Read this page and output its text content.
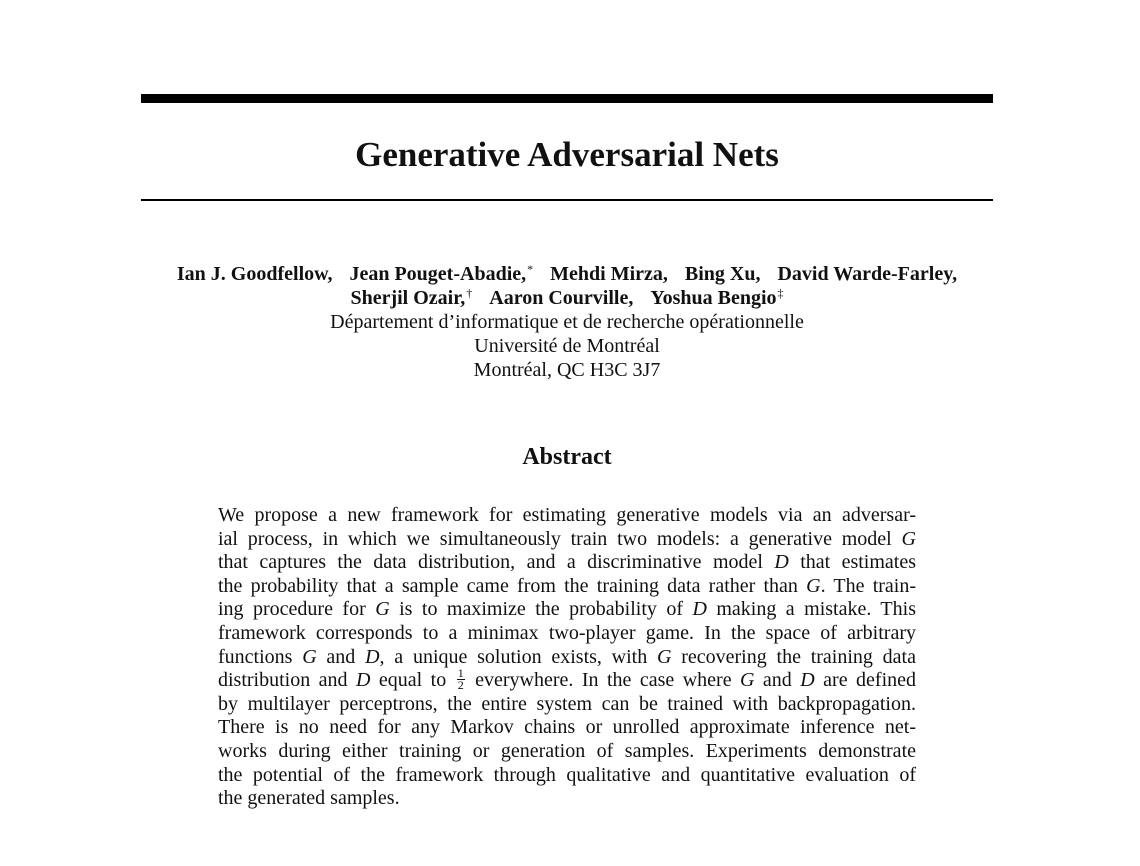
Generative Adversarial Nets
Ian J. Goodfellow, Jean Pouget-Abadie,* Mehdi Mirza, Bing Xu, David Warde-Farley,
Sherjil Ozair,† Aaron Courville, Yoshua Bengio‡
Département d’informatique et de recherche opérationnelle
Université de Montréal
Montréal, QC H3C 3J7
Abstract
We propose a new framework for estimating generative models via an adversar-
ial process, in which we simultaneously train two models: a generative model G
that captures the data distribution, and a discriminative model D that estimates
the probability that a sample came from the training data rather than G. The train-
ing procedure for G is to maximize the probability of D making a mistake. This
framework corresponds to a minimax two-player game. In the space of arbitrary
functions G and D, a unique solution exists, with G recovering the training data
distribution and D equal to $\frac{1}{2}$ everywhere. In the case where G and D are defined
by multilayer perceptrons, the entire system can be trained with backpropagation.
There is no need for any Markov chains or unrolled approximate inference net-
works during either training or generation of samples. Experiments demonstrate
the potential of the framework through qualitative and quantitative evaluation of
the generated samples.
